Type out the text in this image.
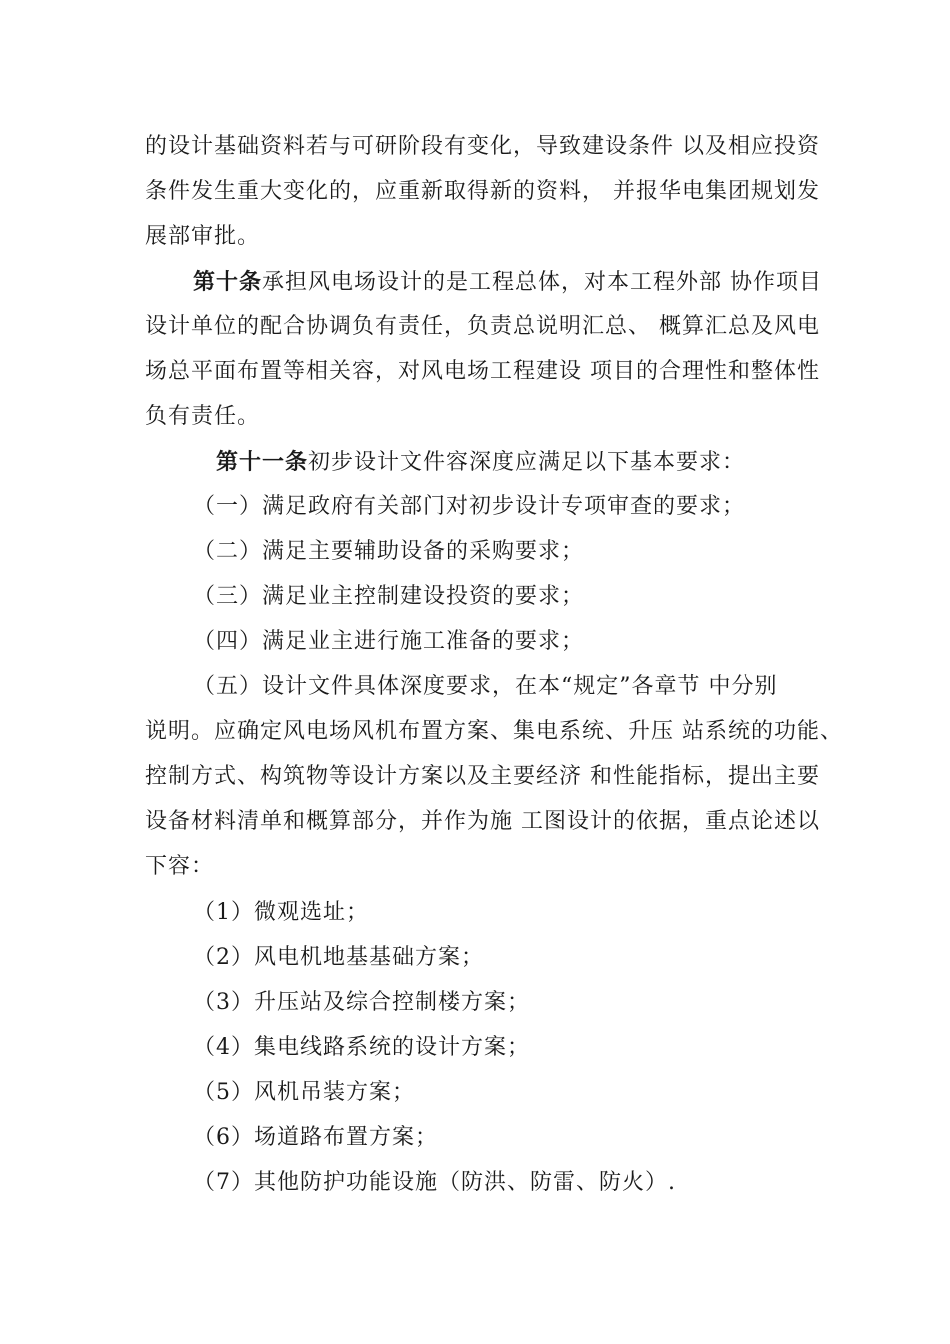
的设计基础资料若与可研阶段有变化，导致建设条件 以及相应投资
条件发生重大变化的，应重新取得新的资料， 并报华电集团规划发
展部审批。
第十条承担风电场设计的是工程总体，对本工程外部 协作项目
设计单位的配合协调负有责任，负责总说明汇总、 概算汇总及风电
场总平面布置等相关容，对风电场工程建设 项目的合理性和整体性
负有责任。
第十一条初步设计文件容深度应满足以下基本要求：
（一）满足政府有关部门对初步设计专项审查的要求；
（二）满足主要辅助设备的采购要求；
（三）满足业主控制建设投资的要求；
（四）满足业主进行施工准备的要求；
（五）设计文件具体深度要求，在本“规定”各章节 中分别
说明。应确定风电场风机布置方案、集电系统、升压 站系统的功能、
控制方式、构筑物等设计方案以及主要经济 和性能指标，提出主要
设备材料清单和概算部分，并作为施 工图设计的依据，重点论述以
下容：
（1）微观选址；
（2）风电机地基基础方案；
（3）升压站及综合控制楼方案；
（4）集电线路系统的设计方案；
（5）风机吊装方案；
（6）场道路布置方案；
（7）其他防护功能设施（防洪、防雷、防火）.
